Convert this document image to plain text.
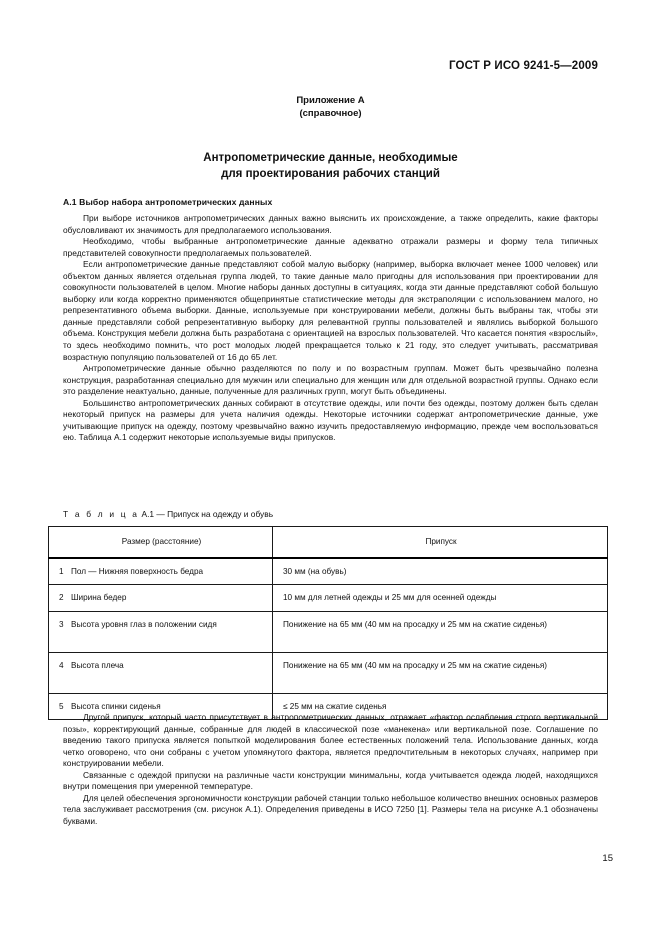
ГОСТ Р ИСО 9241-5—2009
Приложение А
(справочное)
Антропометрические данные, необходимые
для проектирования рабочих станций

А.1 Выбор набора антропометрических данных

При выборе источников антропометрических данных важно выяснить их происхождение, а также определить, какие факторы обусловливают их значимость для предполагаемого использования.

Необходимо, чтобы выбранные антропометрические данные адекватно отражали размеры и форму тела типичных представителей совокупности предполагаемых пользователей.

Если антропометрические данные представляют собой малую выборку (например, выборка включает менее 1000 человек) или объектом данных является отдельная группа людей, то такие данные мало пригодны для использования при проектировании для совокупности пользователей в целом. Многие наборы данных доступны в ситуациях, когда эти данные представляют собой большую выборку или когда корректно применяются общепринятые статистические методы для экстраполяции с использованием малого, но репрезентативного объема выборки. Данные, используемые при конструировании мебели, должны быть выбраны так, чтобы эти данные представляли собой репрезентативную выборку для релевантной группы пользователей и являлись выборкой большого объема. Конструкция мебели должна быть разработана с ориентацией на взрослых пользователей. Что касается понятия «взрослый», то здесь необходимо помнить, что рост молодых людей прекращается только к 21 году, это следует учитывать, рассматривая возрастную популяцию пользователей от 16 до 65 лет.

Антропометрические данные обычно разделяются по полу и по возрастным группам. Может быть чрезвычайно полезна конструкция, разработанная специально для мужчин или специально для женщин или для отдельной возрастной группы. Однако если это разделение неактуально, данные, полученные для различных групп, могут быть объединены.

Большинство антропометрических данных собирают в отсутствие одежды, или почти без одежды, поэтому должен быть сделан некоторый припуск на размеры для учета наличия одежды. Некоторые источники содержат антропометрические данные, уже учитывающие припуск на одежду, поэтому чрезвычайно важно изучить предоставляемую информацию, прежде чем воспользоваться ею. Таблица А.1 содержит некоторые используемые виды припусков.

Т а б л и ц а А.1 — Припуск на одежду и обувь
Размер (расстояние)	Припуск
1 Пол — Нижняя поверхность бедра	30 мм (на обувь)
2 Ширина бедер	10 мм для летней одежды и 25 мм для осенней одежды
3 Высота уровня глаз в положении сидя	Понижение на 65 мм (40 мм на просадку и 25 мм на сжатие сиденья)
4 Высота плеча	Понижение на 65 мм (40 мм на просадку и 25 мм на сжатие сиденья)
5 Высота спинки сиденья	≤ 25 мм на сжатие сиденья

Другой припуск, который часто присутствует в антропометрических данных, отражает «фактор ослабления строго вертикальной позы», корректирующий данные, собранные для людей в классической позе «манекена» или вертикальной позе. Соглашение по введению такого припуска является попыткой моделирования более естественных положений тела. Использование данных, когда четко оговорено, что они собраны с учетом упомянутого фактора, является предпочтительным в некоторых случаях, например при конструировании мебели.

Связанные с одеждой припуски на различные части конструкции минимальны, когда учитывается одежда людей, находящихся внутри помещения при умеренной температуре.

Для целей обеспечения эргономичности конструкции рабочей станции только небольшое количество внешних основных размеров тела заслуживает рассмотрения (см. рисунок А.1). Определения приведены в ИСО 7250 [1]. Размеры тела на рисунке А.1 обозначены буквами.

15
